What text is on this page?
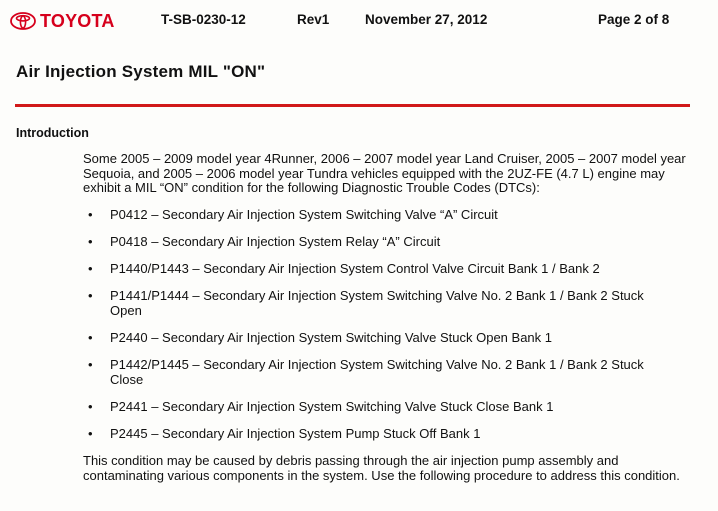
TOYOTA	T-SB-0230-12	Rev1	November 27, 2012	Page 2 of 8
Air Injection System MIL "ON"
Introduction

Some 2005 – 2009 model year 4Runner, 2006 – 2007 model year Land Cruiser, 2005 – 2007 model year Sequoia, and 2005 – 2006 model year Tundra vehicles equipped with the 2UZ-FE (4.7 L) engine may exhibit a MIL “ON” condition for the following Diagnostic Trouble Codes (DTCs):

• P0412 – Secondary Air Injection System Switching Valve “A” Circuit
• P0418 – Secondary Air Injection System Relay “A” Circuit
• P1440/P1443 – Secondary Air Injection System Control Valve Circuit Bank 1 / Bank 2
• P1441/P1444 – Secondary Air Injection System Switching Valve No. 2 Bank 1 / Bank 2 Stuck Open
• P2440 – Secondary Air Injection System Switching Valve Stuck Open Bank 1
• P1442/P1445 – Secondary Air Injection System Switching Valve No. 2 Bank 1 / Bank 2 Stuck Close
• P2441 – Secondary Air Injection System Switching Valve Stuck Close Bank 1
• P2445 – Secondary Air Injection System Pump Stuck Off Bank 1

This condition may be caused by debris passing through the air injection pump assembly and contaminating various components in the system. Use the following procedure to address this condition.
